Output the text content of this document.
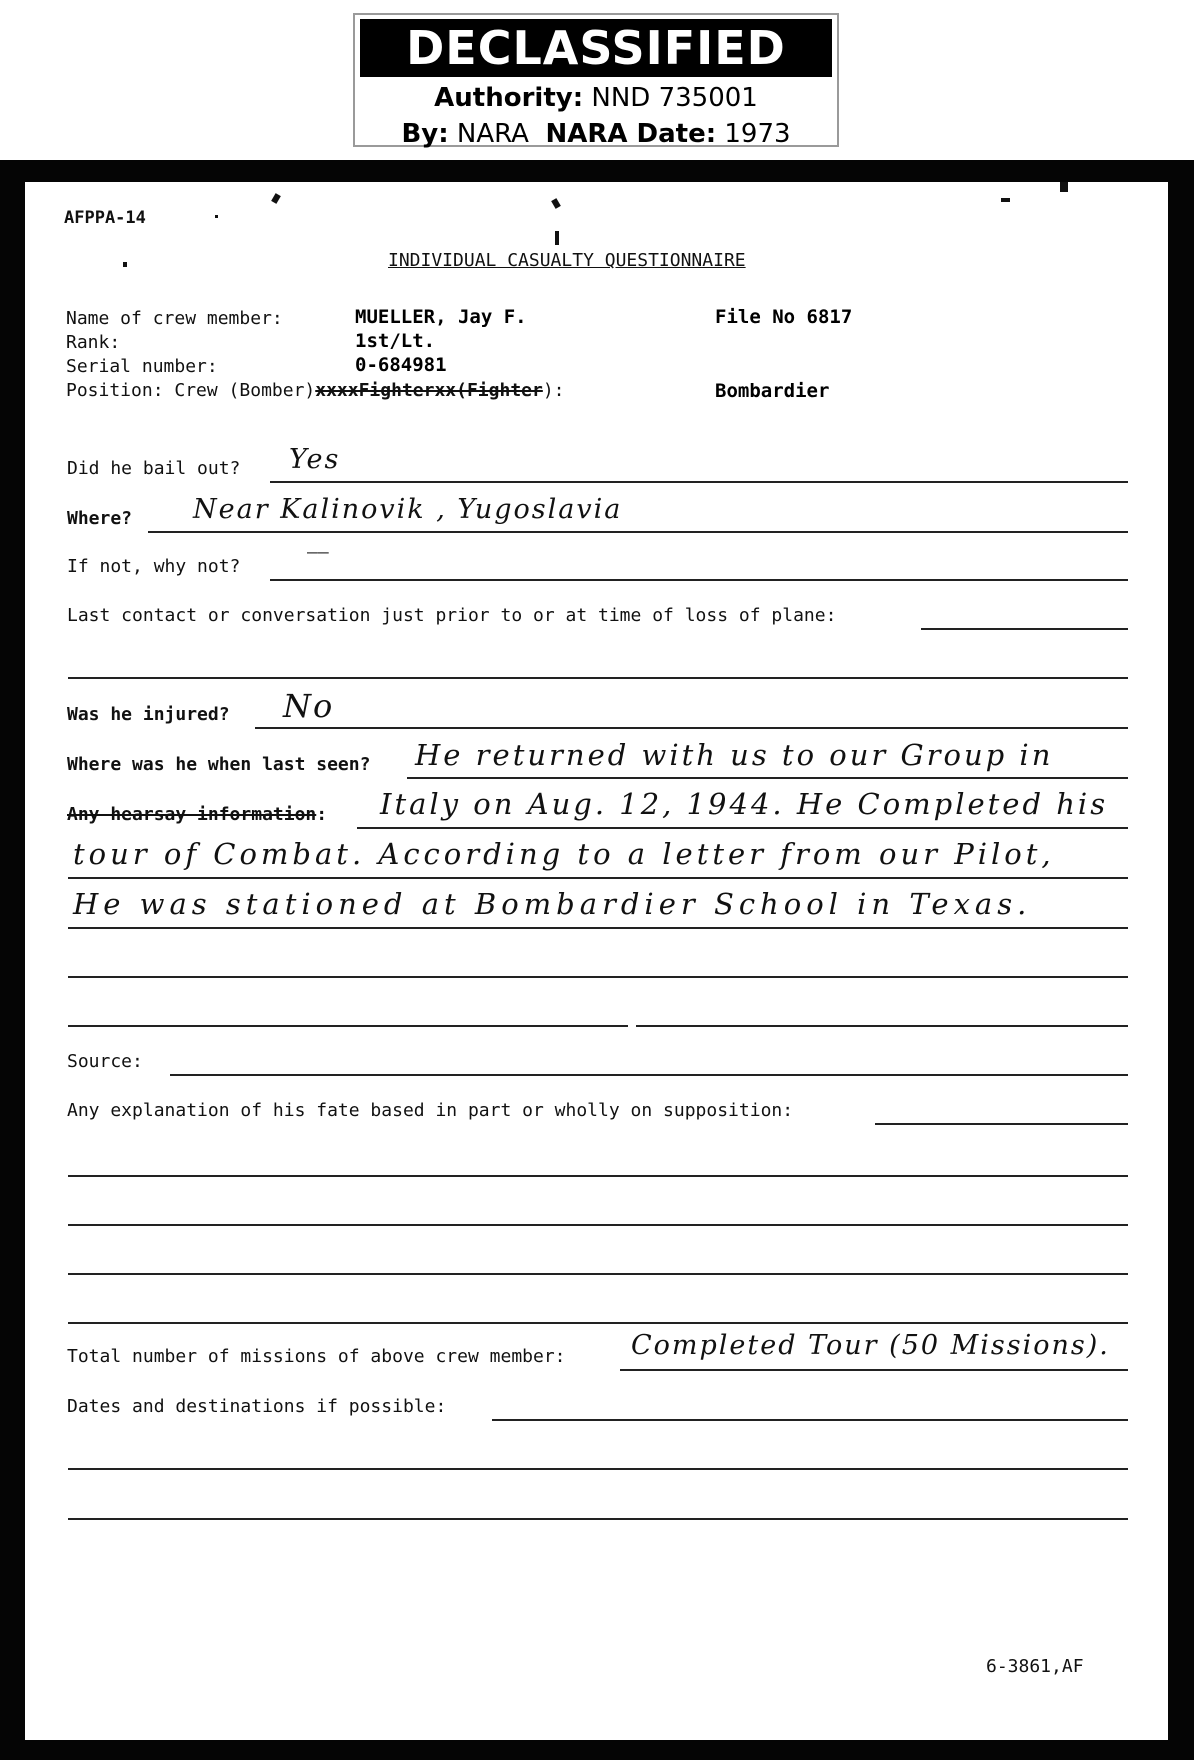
DECLASSIFIED
Authority: NND 735001
By: NARA NARA Date: 1973
AFPPA-14
INDIVIDUAL CASUALTY QUESTIONNAIRE
Name of crew member:	MUELLER, Jay F.	File No 6817
Rank:	1st/Lt.
Serial number:	0-684981
Position: Crew (Bomber)xxxxFighterxx(Fighter):	Bombardier
Did he bail out? Yes
Where? Near Kalinovik , Yugoslavia
If not, why not?
——
Last contact or conversation just prior to or at time of loss of plane:
Was he injured? No
Where was he when last seen? He returned with us to our Group in
Any hearsay information: Italy on Aug. 12, 1944. He Completed his
tour of Combat. According to a letter from our Pilot,
He was stationed at Bombardier School in Texas.
Source:
Any explanation of his fate based in part or wholly on supposition:
Total number of missions of above crew member: Completed Tour (50 Missions).
Dates and destinations if possible:
6-3861,AF
